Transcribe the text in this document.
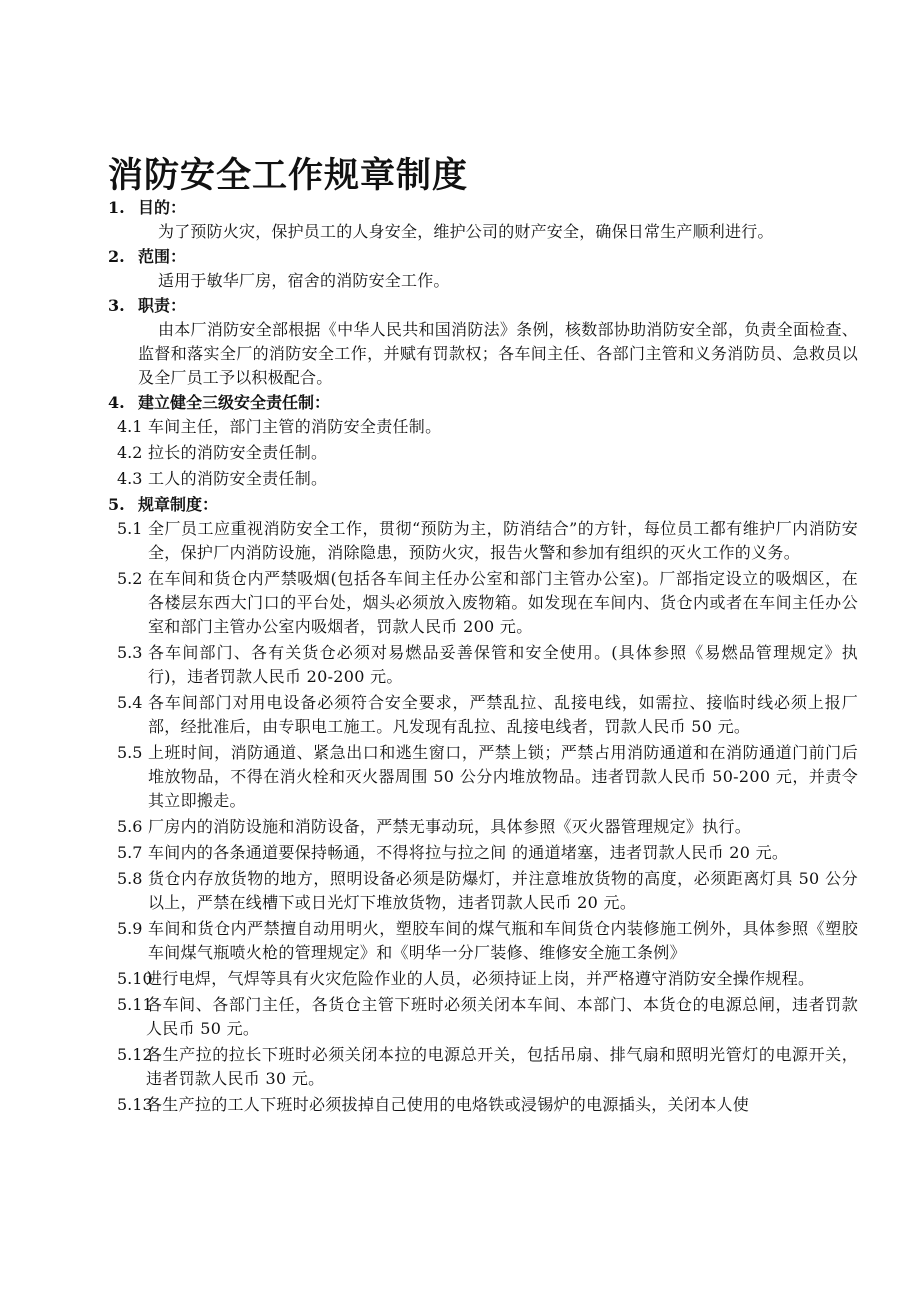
消防安全工作规章制度
1. 目的：
为了预防火灾，保护员工的人身安全，维护公司的财产安全，确保日常生产顺利进行。
2. 范围：
适用于敏华厂房，宿舍的消防安全工作。
3. 职责：
由本厂消防安全部根据《中华人民共和国消防法》条例，核数部协助消防安全部，负责全面检查、监督和落实全厂的消防安全工作，并赋有罚款权；各车间主任、各部门主管和义务消防员、急救员以及全厂员工予以积极配合。
4. 建立健全三级安全责任制：
4.1 车间主任，部门主管的消防安全责任制。
4.2 拉长的消防安全责任制。
4.3 工人的消防安全责任制。
5. 规章制度：
5.1 全厂员工应重视消防安全工作，贯彻“预防为主，防消结合”的方针，每位员工都有维护厂内消防安全，保护厂内消防设施，消除隐患，预防火灾，报告火警和参加有组织的灭火工作的义务。
5.2 在车间和货仓内严禁吸烟(包括各车间主任办公室和部门主管办公室)。厂部指定设立的吸烟区，在各楼层东西大门口的平台处，烟头必须放入废物箱。如发现在车间内、货仓内或者在车间主任办公室和部门主管办公室内吸烟者，罚款人民币 200 元。
5.3 各车间部门、各有关货仓必须对易燃品妥善保管和安全使用。(具体参照《易燃品管理规定》执行)，违者罚款人民币 20-200 元。
5.4 各车间部门对用电设备必须符合安全要求，严禁乱拉、乱接电线，如需拉、接临时线必须上报厂部，经批准后，由专职电工施工。凡发现有乱拉、乱接电线者，罚款人民币 50 元。
5.5 上班时间，消防通道、紧急出口和逃生窗口，严禁上锁；严禁占用消防通道和在消防通道门前门后堆放物品，不得在消火栓和灭火器周围 50 公分内堆放物品。违者罚款人民币 50-200 元，并责令其立即搬走。
5.6 厂房内的消防设施和消防设备，严禁无事动玩，具体参照《灭火器管理规定》执行。
5.7 车间内的各条通道要保持畅通，不得将拉与拉之间 的通道堵塞，违者罚款人民币 20 元。
5.8 货仓内存放货物的地方，照明设备必须是防爆灯，并注意堆放货物的高度，必须距离灯具 50 公分以上，严禁在线槽下或日光灯下堆放货物，违者罚款人民币 20 元。
5.9 车间和货仓内严禁擅自动用明火，塑胶车间的煤气瓶和车间货仓内装修施工例外，具体参照《塑胶车间煤气瓶喷火枪的管理规定》和《明华一分厂装修、维修安全施工条例》
5.10
进行电焊，气焊等具有火灾危险作业的人员，必须持证上岗，并严格遵守消防安全操作规程。
5.11
各车间、各部门主任，各货仓主管下班时必须关闭本车间、本部门、本货仓的电源总闸，违者罚款人民币 50 元。
5.12
各生产拉的拉长下班时必须关闭本拉的电源总开关，包括吊扇、排气扇和照明光管灯的电源开关，违者罚款人民币 30 元。
5.13
各生产拉的工人下班时必须拔掉自己使用的电烙铁或浸锡炉的电源插头，关闭本人使
